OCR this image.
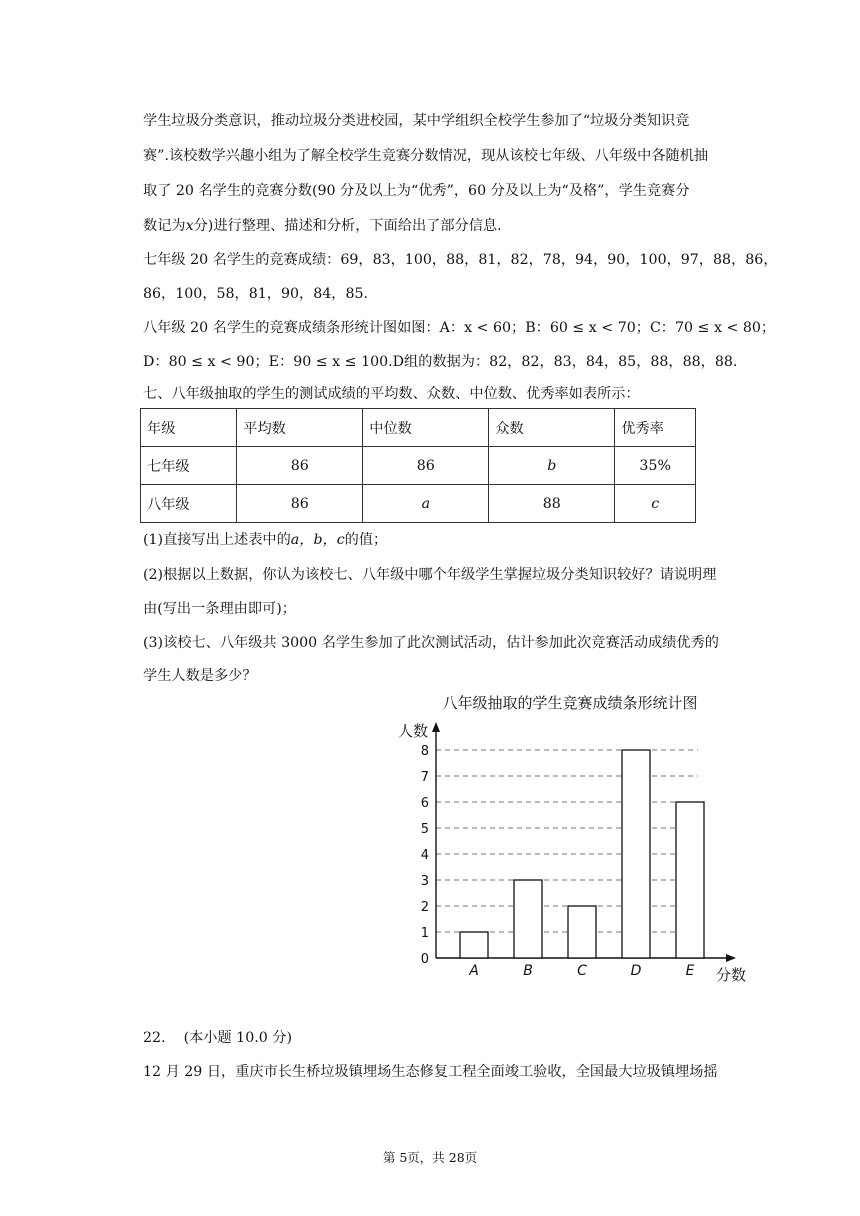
学生垃圾分类意识，推动垃圾分类进校园，某中学组织全校学生参加了“垃圾分类知识竞
赛”.该校数学兴趣小组为了解全校学生竞赛分数情况，现从该校七年级、八年级中各随机抽
取了 20 名学生的竞赛分数(90 分及以上为“优秀”，60 分及以上为“及格”，学生竞赛分
数记为x分)进行整理、描述和分析，下面给出了部分信息.
七年级 20 名学生的竞赛成绩：69，83，100，88，81，82，78，94，90，100，97，88，86，
86，100，58，81，90，84，85.
八年级 20 名学生的竞赛成绩条形统计图如图：A：x < 60；B：60 ≤ x < 70；C：70 ≤ x < 80；
D：80 ≤ x < 90；E：90 ≤ x ≤ 100.D组的数据为：82，82，83，84，85，88，88，88.
七、八年级抽取的学生的测试成绩的平均数、众数、中位数、优秀率如表所示：
年级	平均数	中位数	众数	优秀率
七年级	86	86	b	35%
八年级	86	a	88	c
(1)直接写出上述表中的a，b，c的值；
(2)根据以上数据，你认为该校七、八年级中哪个年级学生掌握垃圾分类知识较好？请说明理
由(写出一条理由即可)；
(3)该校七、八年级共 3000 名学生参加了此次测试活动，估计参加此次竞赛活动成绩优秀的
学生人数是多少？
八年级抽取的学生竞赛成绩条形统计图
0
1
2
3
4
5
6
7
8
人数
分数
A	B	C	D	E
22. (本小题 10.0 分)
12 月 29 日，重庆市长生桥垃圾镇埋场生态修复工程全面竣工验收，全国最大垃圾镇埋场摇
第 5页，共 28页
